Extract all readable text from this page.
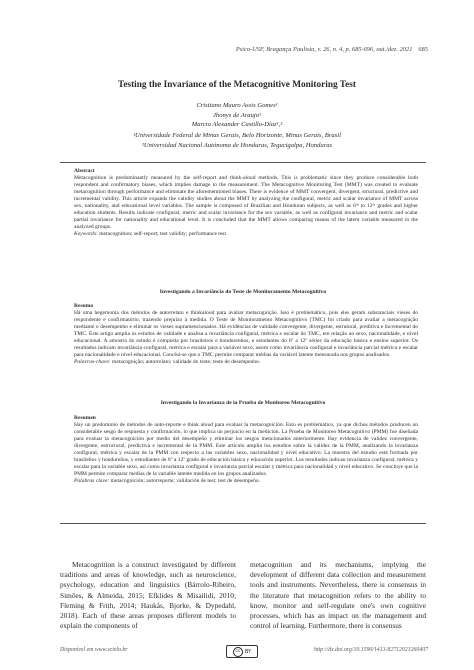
Psico-USF, Bragança Paulista, v. 26, n. 4, p. 685-696, out./dez. 2021 685
Testing the Invariance of the Metacognitive Monitoring Test
Cristiano Mauro Assis Gomes¹
Jhonys de Araujo¹
Marcio Alexander Castillo-Díaz¹,²
¹Universidade Federal de Minas Gerais, Belo Horizonte, Minas Gerais, Brasil
²Universidad Nacional Autónoma de Honduras, Tegucigalpa, Honduras
Abstract

Metacognition is predominantly measured by the self-report and think-aloud methods. This is problematic since they produce considerable both respondent and confirmatory biases, which implies damage to the measurement. The Metacognitive Monitoring Test (MMT) was created to evaluate metacognition through performance and eliminate the aforementioned biases. There is evidence of MMT convergent, divergent, structural, predictive and incremental validity. This article expands the validity studies about the MMT by analyzing the configural, metric and scalar invariance of MMT across sex, nationality, and educational level variables. The sample is composed of Brazilian and Honduran subjects, as well as 6ᵗʰ to 12ᵗʰ grades and higher education students. Results indicate configural, metric and scalar invariance for the sex variable, as well as configural invariance and metric and scalar partial invariance for nationality and educational level. It is concluded that the MMT allows comparing means of the latent variable measured in the analyzed groups.

Keywords: metacognition; self-report; test validity; performance test.

Investigando a Invariância do Teste de Monitoramento Metacognitivo
Resumo

Há uma hegemonia dos métodos de autorrelato e thinkaloud para avaliar metacognição. Isso é problemático, pois eles geram substanciais vieses do respondente e confirmatório, trazendo prejuízo à medida. O Teste de Monitoramento Metacognitivo (TMC) foi criado para avaliar a metacognição mediante o desempenho e eliminar os vieses supramencionados. Há evidências de validade convergente, divergente, estrutural, preditiva e incremental do TMC. Este artigo amplia os estudos de validade e analisa a invariância configural, métrica e escalar do TMC, em relação ao sexo, nacionalidade, e nível educacional. A amostra do estudo é composta por brasileiros e hondurenhos, e estudantes do 6º a 12º séries da educação básica e ensino superior. Os resultados indicam invariância configural, métrica e escalar para a variável sexo, assim como invariância configural e invariância parcial métrica e escalar para nacionalidade e nível educacional. Conclui-se que o TMC permite comparar médias da variável latente mensurada nos grupos analisados.

Palavras-chave: metacognição; autorrelato; validade do teste; teste de desempenho.

Investigando la Invarianza de la Prueba de Monitoreo Metacognitivo
Resumen

Hay un predominio de métodos de auto-reporte e think aloud para evaluar la metacognición. Esto es problemático, ya que dichos métodos producen un considerable sesgo de respuesta y confirmación, lo que implica un perjuicio en la medición. La Prueba de Monitoreo Metacognitivo (PMM) fue diseñada para evaluar la metacognición por medio del desempeño y eliminar los sesgos mencionados anteriormente. Hay evidencia de validez convergente, divergente, estructural, predictiva e incremental de la PMM. Este artículo amplía los estudios sobre la validez de la PMM, analizando la invarianza configural, métrica y escalar de la PMM con respecto a las variables sexo, nacionalidad y nivel educativo. La muestra del estudio está formada por brasileños y hondureños, y estudiantes de 6º a 12º grado de educación básica y educación superior. Los resultados indican invarianza configural, métrica y escalar para la variable sexo, así como invarianza configural e invarianza parcial escalar y métrica para nacionalidad y nivel educativo. Se concluye que la PMM permite comparar medias de la variable latente medida en los grupos analizados.

Palabras clave: metacognición; autorreporte; validación de test; test de desempeño.

Metacognition is a construct investigated by different traditions and areas of knowledge, such as neuroscience, psychology, education and linguistics (Bárrolo-Ribeiro, Simões, & Almeida, 2015; Efklides & Misailidi, 2010; Fleming & Frith, 2014; Haukås, Bjorke, & Dypedahl, 2018). Each of these areas proposes different models to explain the components of

metacognition and its mechanisms, implying the development of different data collection and measurement tools and instruments. Nevertheless, there is consensus in the literature that metacognition refers to the ability to know, monitor and self-regulate one's own cognitive processes, which has an impact on the management and control of learning. Furthermore, there is consensus

Disponível em www.scielo.br	cc BY	http://dx.doi.org/10.1590/1413-82712021260407
